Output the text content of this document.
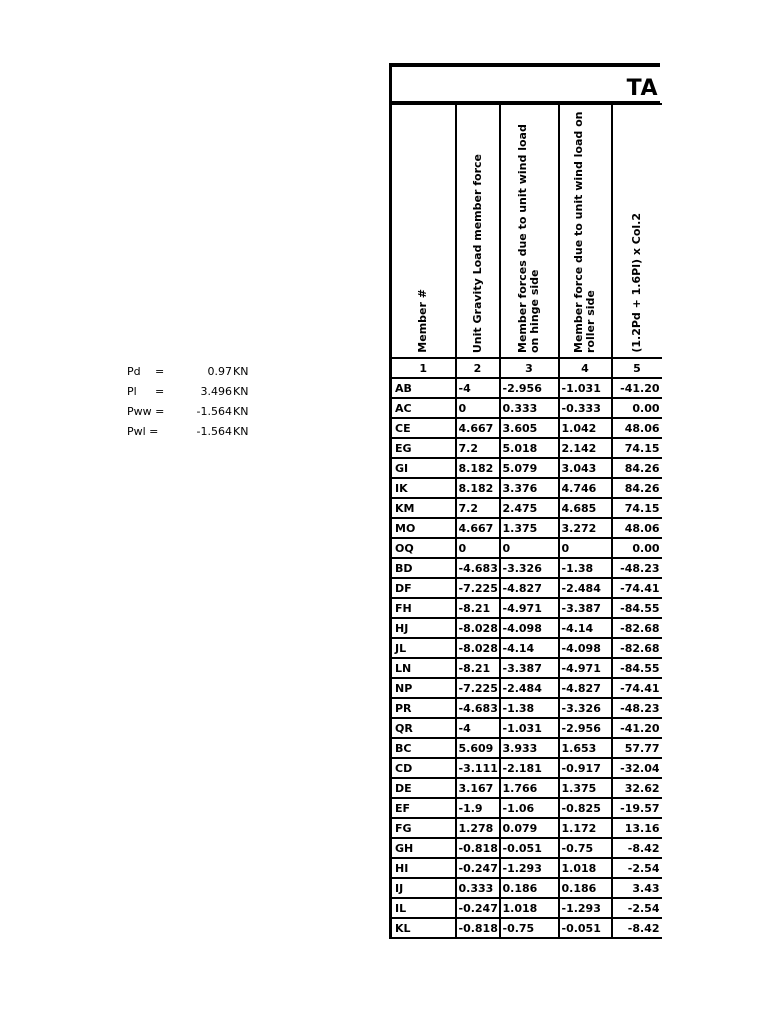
Pd =	0.97 KN
Pl =	3.496 KN
Pww =	-1.564 KN
Pwl =	-1.564 KN
TA
Member #	Unit Gravity Load member force	Member forces due to unit wind load on hinge side	Member force due to unit wind load on roller side	(1.2Pd + 1.6Pl) x Col.2

1	2	3	4	5
AB	-4	-2.956	-1.031	-41.20
AC	0	0.333	-0.333	0.00
CE	4.667	3.605	1.042	48.06
EG	7.2	5.018	2.142	74.15
GI	8.182	5.079	3.043	84.26
IK	8.182	3.376	4.746	84.26
KM	7.2	2.475	4.685	74.15
MO	4.667	1.375	3.272	48.06
OQ	0	0	0	0.00
BD	-4.683	-3.326	-1.38	-48.23
DF	-7.225	-4.827	-2.484	-74.41
FH	-8.21	-4.971	-3.387	-84.55
HJ	-8.028	-4.098	-4.14	-82.68
JL	-8.028	-4.14	-4.098	-82.68
LN	-8.21	-3.387	-4.971	-84.55
NP	-7.225	-2.484	-4.827	-74.41
PR	-4.683	-1.38	-3.326	-48.23
QR	-4	-1.031	-2.956	-41.20
BC	5.609	3.933	1.653	57.77
CD	-3.111	-2.181	-0.917	-32.04
DE	3.167	1.766	1.375	32.62
EF	-1.9	-1.06	-0.825	-19.57
FG	1.278	0.079	1.172	13.16
GH	-0.818	-0.051	-0.75	-8.42
HI	-0.247	-1.293	1.018	-2.54
IJ	0.333	0.186	0.186	3.43
IL	-0.247	1.018	-1.293	-2.54
KL	-0.818	-0.75	-0.051	-8.42
